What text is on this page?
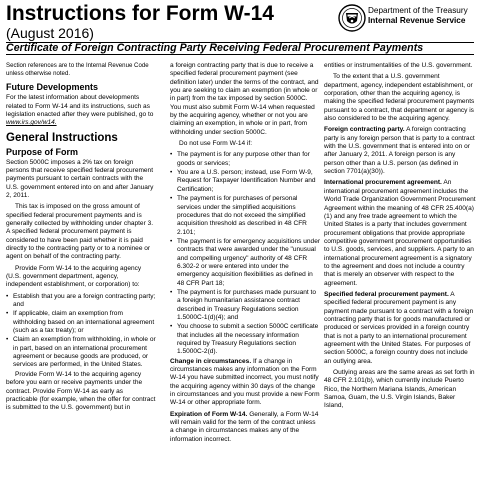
Instructions for Form W-14
(August 2016)
Department of the Treasury
Internal Revenue Service
Certificate of Foreign Contracting Party Receiving Federal Procurement Payments

Section references are to the Internal Revenue Code unless otherwise noted.

Future Developments

For the latest information about developments related to Form W-14 and its instructions, such as legislation enacted after they were published, go to www.irs.gov/w14.

General Instructions
Purpose of Form

Section 5000C imposes a 2% tax on foreign persons that receive specified federal procurement payments pursuant to certain contracts with the U.S. government entered into on and after January 2, 2011.

This tax is imposed on the gross amount of specified federal procurement payments and is generally collected by withholding under chapter 3. A specified federal procurement payment is considered to have been paid whether it is paid directly to the contracting party or to a nominee or agent on behalf of the contracting party.

Provide Form W-14 to the acquiring agency (U.S. government department, agency, independent establishment, or corporation) to:

• Establish that you are a foreign contracting party; and

• If applicable, claim an exemption from withholding based on an international agreement (such as a tax treaty); or

• Claim an exemption from withholding, in whole or in part, based on an international procurement agreement or because goods are produced, or services are performed, in the United States.

Provide Form W-14 to the acquiring agency before you earn or receive payments under the contract. Provide Form W-14 as early as practicable (for example, when the offer for contract is submitted to the U.S. government) but in

a foreign contracting party that is due to receive a specified federal procurement payment (see definition later) under the terms of the contract, and you are seeking to claim an exemption (in whole or in part) from the tax imposed by section 5000C. You must also submit Form W-14 when requested by the acquiring agency, whether or not you are claiming an exemption, in whole or in part, from withholding under section 5000C.

Do not use Form W-14 if:

• The payment is for any purpose other than for goods or services;

• You are a U.S. person; instead, use Form W-9, Request for Taxpayer Identification Number and Certification;

• The payment is for purchases of personal services under the simplified acquisitions procedures that do not exceed the simplified acquisition threshold as described in 48 CFR 2.101;

• The payment is for emergency acquisitions under contracts that were awarded under the "unusual and compelling urgency" authority of 48 CFR 6.302-2 or were entered into under the emergency acquisition flexibilities as defined in 48 CFR Part 18;

• The payment is for purchases made pursuant to a foreign humanitarian assistance contract described in Treasury Regulations section 1.5000C-1(d)(4); and

• You choose to submit a section 5000C certificate that includes all the necessary information required by Treasury Regulations section 1.5000C-2(d).

Change in circumstances. If a change in circumstances makes any information on the Form W-14 you have submitted incorrect, you must notify the acquiring agency within 30 days of the change in circumstances and you must provide a new Form W-14 or other appropriate form.

Expiration of Form W-14. Generally, a Form W-14 will remain valid for the term of the contract unless a change in circumstances makes any of the information incorrect.

entities or instrumentalities of the U.S. government.

To the extent that a U.S. government department, agency, independent establishment, or corporation, other than the acquiring agency, is making the specified federal procurement payments pursuant to a contract, that department or agency is also considered to be the acquiring agency.

Foreign contracting party. A foreign contracting party is any foreign person that is party to a contract with the U.S. government that is entered into on or after January 2, 2011. A foreign person is any person other than a U.S. person (as defined in section 7701(a)(30)).

International procurement agreement. An international procurement agreement includes the World Trade Organization Government Procurement Agreement within the meaning of 48 CFR 25.400(a)(1) and any free trade agreement to which the United States is a party that includes government procurement obligations that provide appropriate competitive government procurement opportunities to U.S. goods, services, and suppliers. A party to an international procurement agreement is a signatory to the agreement and does not include a country that is merely an observer with respect to the agreement.

Specified federal procurement payment. A specified federal procurement payment is any payment made pursuant to a contract with a foreign contracting party that is for goods manufactured or produced or services provided in a foreign country that is not a party to an international procurement agreement with the United States. For purposes of section 5000C, a foreign country does not include an outlying area.

Outlying areas are the same areas as set forth in 48 CFR 2.101(b), which currently include Puerto Rico, the Northern Mariana Islands, American Samoa, Guam, the U.S. Virgin Islands, Baker Island,
